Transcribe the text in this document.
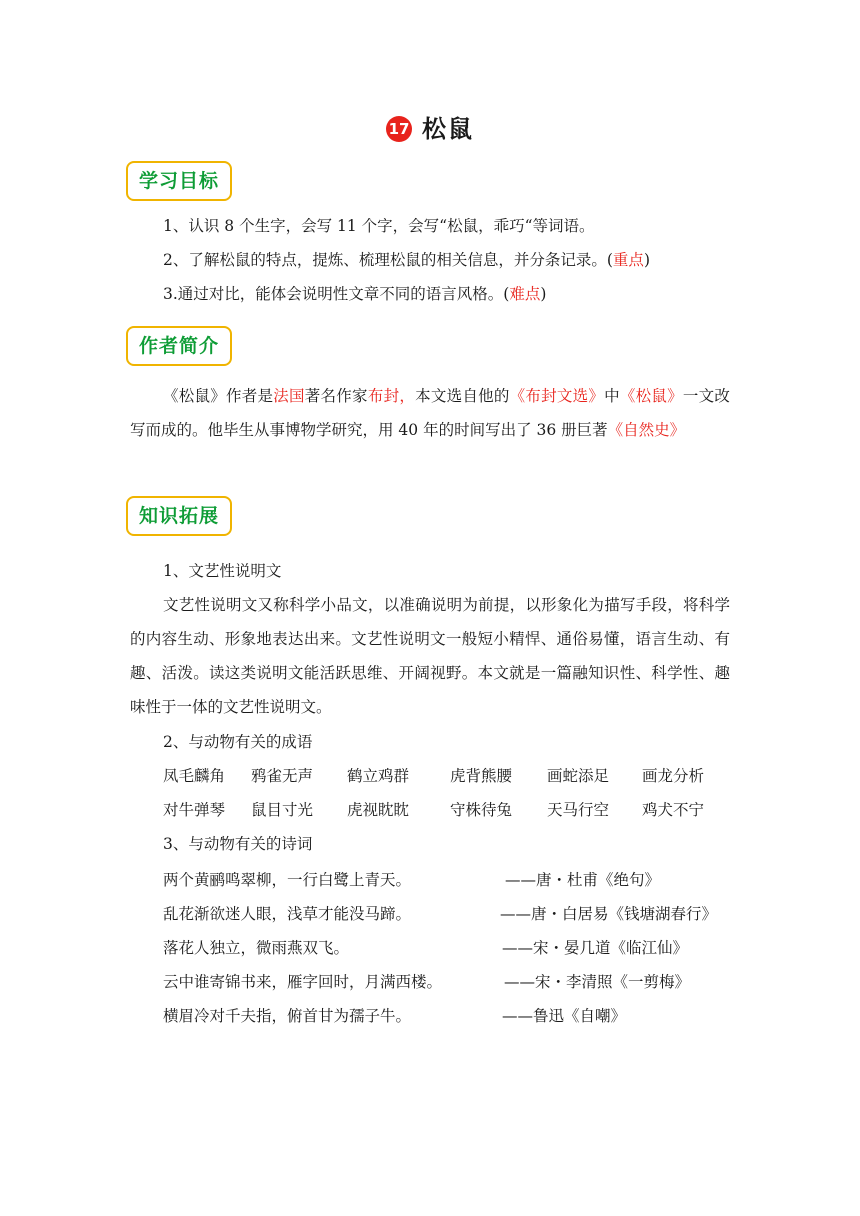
17 松鼠
学习目标
1、认识 8 个生字，会写 11 个字，会写“松鼠，乖巧“等词语。
2、了解松鼠的特点，提炼、梳理松鼠的相关信息，并分条记录。(重点)
3.通过对比，能体会说明性文章不同的语言风格。(难点)
作者简介
《松鼠》作者是法国著名作家布封，本文选自他的《布封文选》中《松鼠》一文改写而成的。他毕生从事博物学研究，用 40 年的时间写出了 36 册巨著《自然史》
知识拓展
1、文艺性说明文
文艺性说明文又称科学小品文，以准确说明为前提，以形象化为描写手段，将科学的内容生动、形象地表达出来。文艺性说明文一般短小精悍、通俗易懂，语言生动、有趣、活泼。读这类说明文能活跃思维、开阔视野。本文就是一篇融知识性、科学性、趣味性于一体的文艺性说明文。
2、与动物有关的成语
凤毛麟角 鸦雀无声 鹤立鸡群	虎背熊腰 画蛇添足 画龙分析
对牛弹琴 鼠目寸光 虎视眈眈	守株待兔 天马行空 鸡犬不宁
3、与动物有关的诗词
两个黄鹂鸣翠柳，一行白鹭上青天。	——唐・杜甫《绝句》
乱花渐欲迷人眼，浅草才能没马蹄。	——唐・白居易《钱塘湖春行》
落花人独立，微雨燕双飞。	——宋・晏几道《临江仙》
云中谁寄锦书来，雁字回时，月满西楼。	——宋・李清照《一剪梅》
横眉冷对千夫指，俯首甘为孺子牛。	——鲁迅《自嘲》
